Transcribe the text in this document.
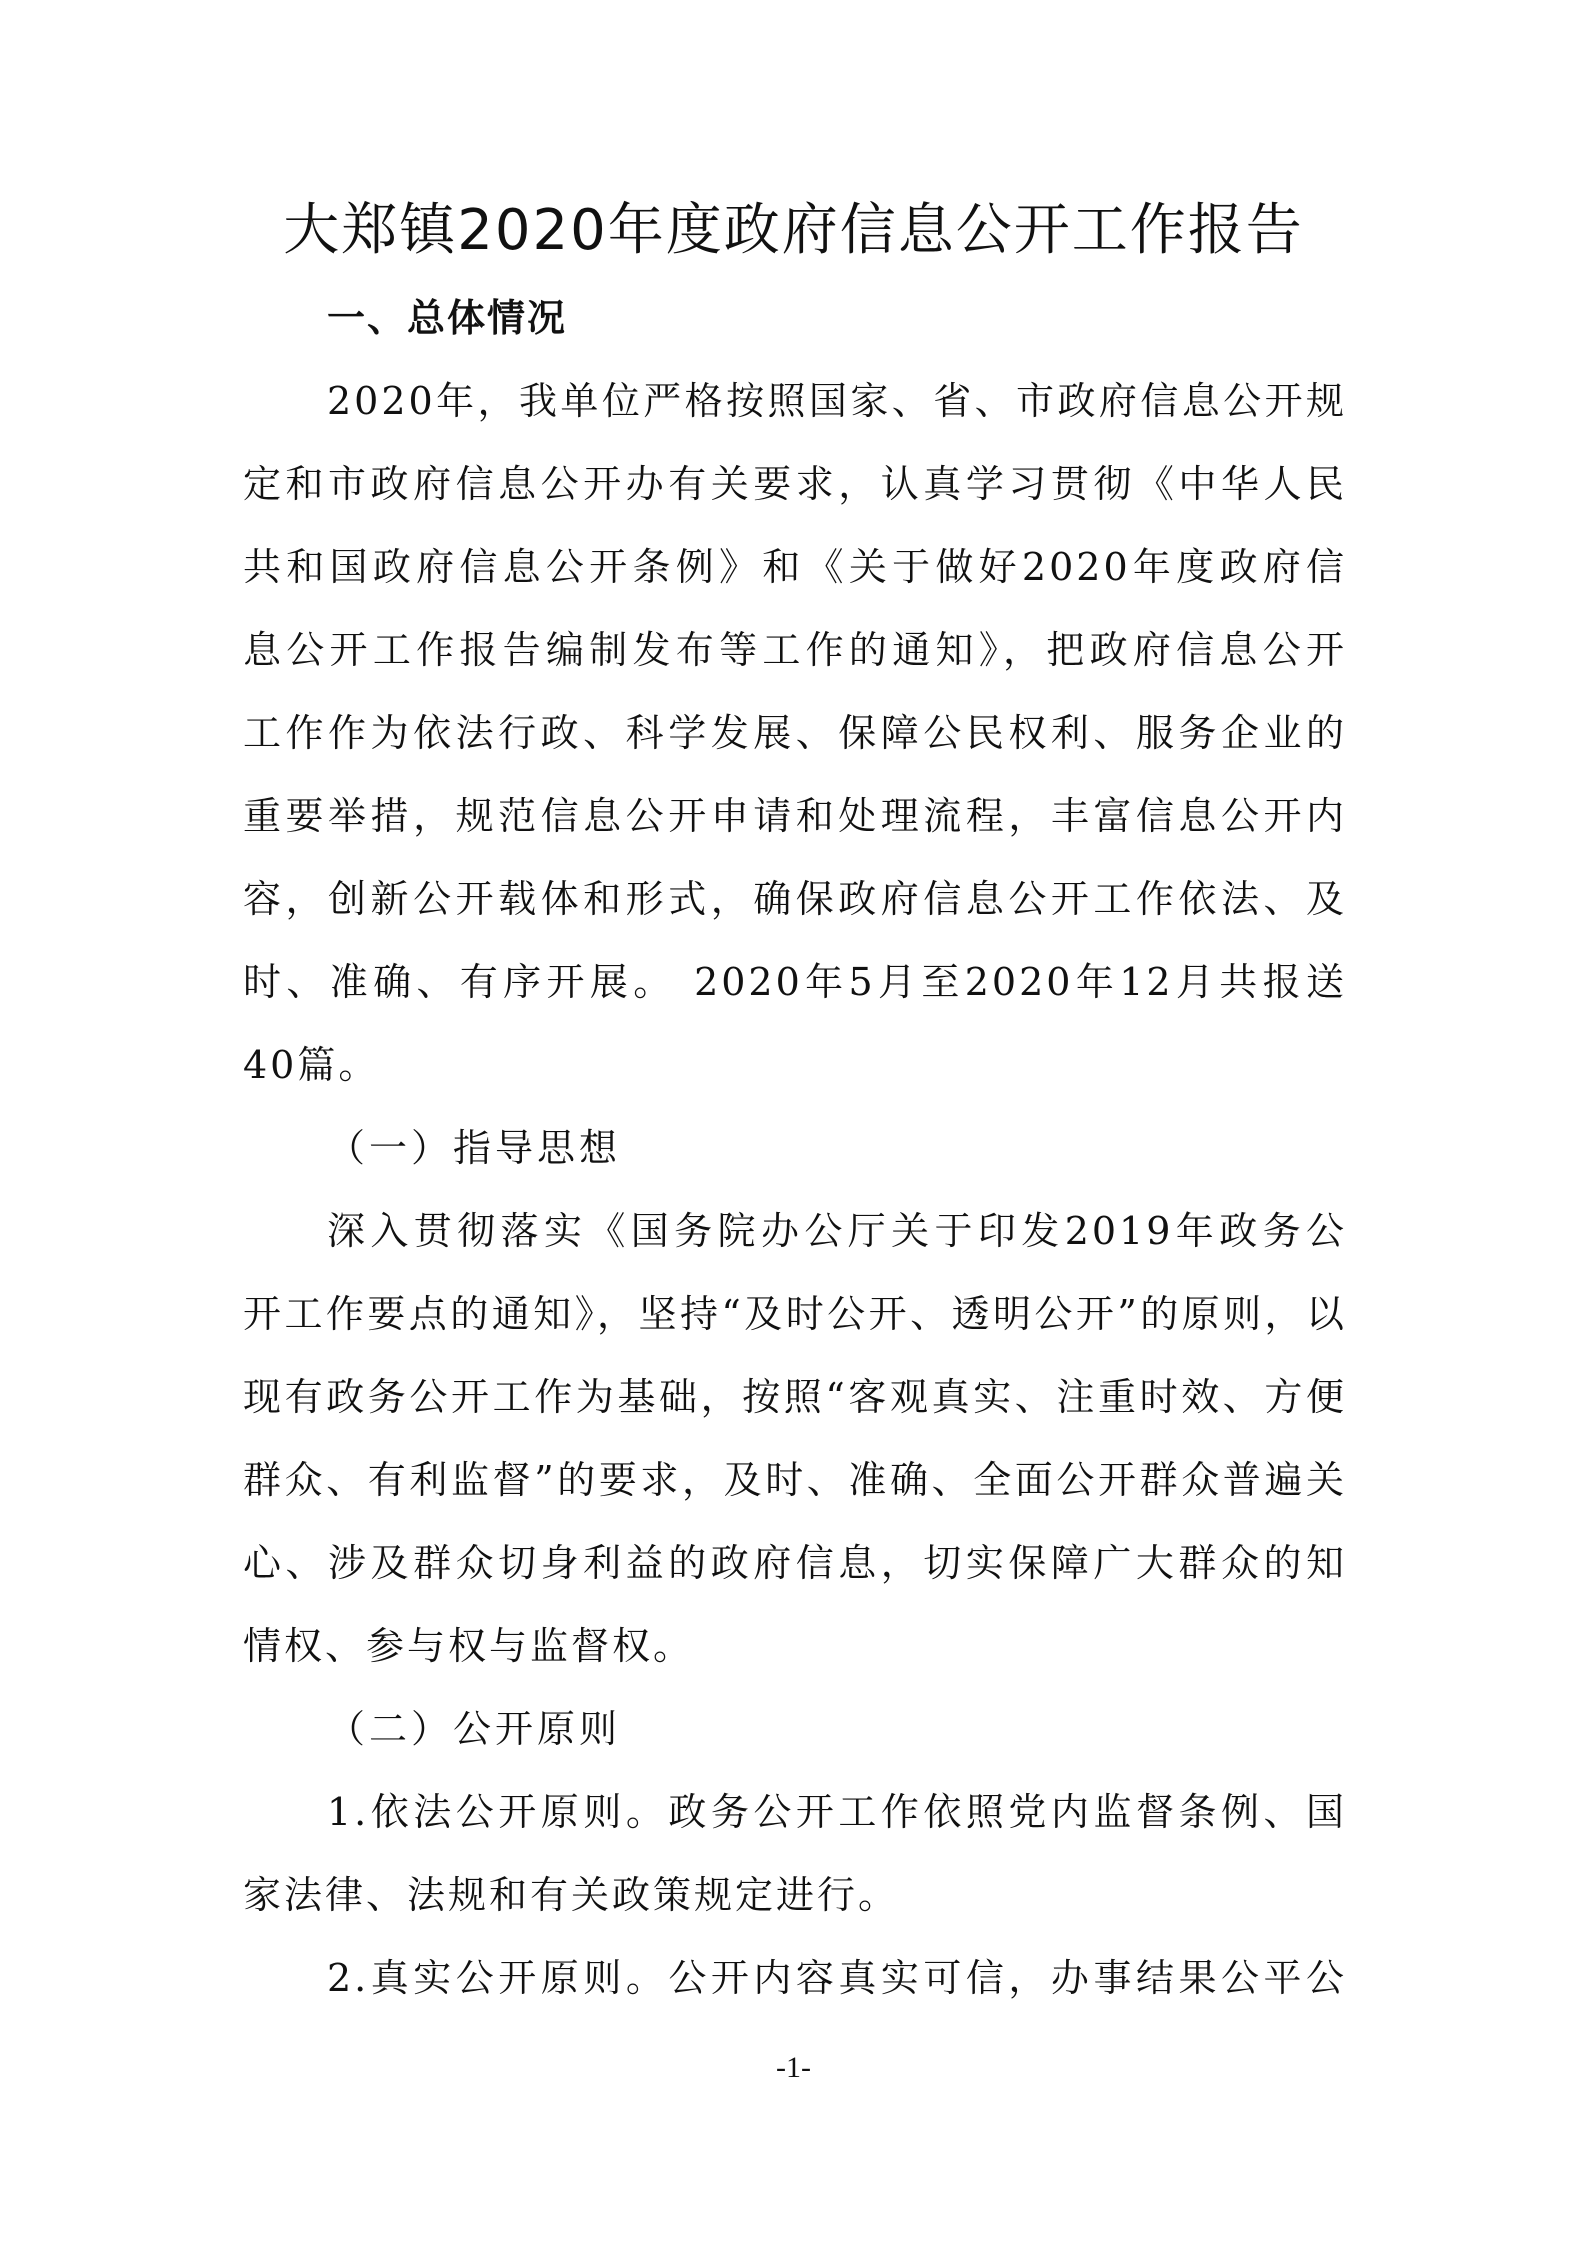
大郑镇2020年度政府信息公开工作报告
一、总体情况
2020年，我单位严格按照国家、省、市政府信息公开规
定和市政府信息公开办有关要求，认真学习贯彻《中华人民
共和国政府信息公开条例》和《关于做好2020年度政府信
息公开工作报告编制发布等工作的通知》，把政府信息公开
工作作为依法行政、科学发展、保障公民权利、服务企业的
重要举措，规范信息公开申请和处理流程，丰富信息公开内
容，创新公开载体和形式，确保政府信息公开工作依法、及
时、准确、有序开展。 2020年5月至2020年12月共报送
40篇。
（一）指导思想
深入贯彻落实《国务院办公厅关于印发2019年政务公
开工作要点的通知》，坚持“及时公开、透明公开”的原则，以
现有政务公开工作为基础，按照“客观真实、注重时效、方便
群众、有利监督”的要求，及时、准确、全面公开群众普遍关
心、涉及群众切身利益的政府信息，切实保障广大群众的知
情权、参与权与监督权。
（二）公开原则
1.依法公开原则。政务公开工作依照党内监督条例、国
家法律、法规和有关政策规定进行。
2.真实公开原则。公开内容真实可信，办事结果公平公
-1-
